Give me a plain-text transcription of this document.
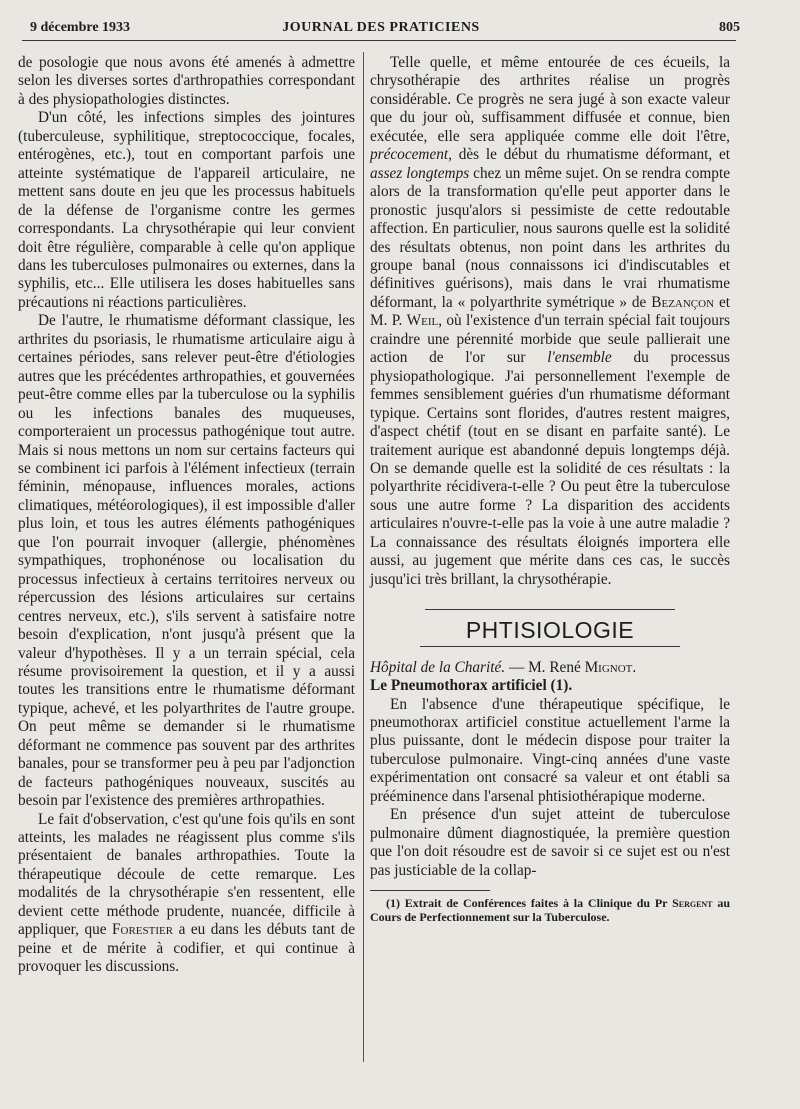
9 décembre 1933	JOURNAL DES PRATICIENS	805

de posologie que nous avons été amenés à admettre selon les diverses sortes d'arthropathies correspondant à des physiopathologies distinctes.

D'un côté, les infections simples des jointures (tuberculeuse, syphilitique, streptococcique, focales, entérogènes, etc.), tout en comportant parfois une atteinte systématique de l'appareil articulaire, ne mettent sans doute en jeu que les processus habituels de la défense de l'organisme contre les germes correspondants. La chrysothérapie qui leur convient doit être régulière, comparable à celle qu'on applique dans les tuberculoses pulmonaires ou externes, dans la syphilis, etc... Elle utilisera les doses habituelles sans précautions ni réactions particulières.

De l'autre, le rhumatisme déformant classique, les arthrites du psoriasis, le rhumatisme articulaire aigu à certaines périodes, sans relever peut-être d'étiologies autres que les précédentes arthropathies, et gouvernées peut-être comme elles par la tuberculose ou la syphilis ou les infections banales des muqueuses, comporteraient un processus pathogénique tout autre. Mais si nous mettons un nom sur certains facteurs qui se combinent ici parfois à l'élément infectieux (terrain féminin, ménopause, influences morales, actions climatiques, météorologiques), il est impossible d'aller plus loin, et tous les autres éléments pathogéniques que l'on pourrait invoquer (allergie, phénomènes sympathiques, trophonénose ou localisation du processus infectieux à certains territoires nerveux ou répercussion des lésions articulaires sur certains centres nerveux, etc.), s'ils servent à satisfaire notre besoin d'explication, n'ont jusqu'à présent que la valeur d'hypothèses. Il y a un terrain spécial, cela résume provisoirement la question, et il y a aussi toutes les transitions entre le rhumatisme déformant typique, achevé, et les polyarthrites de l'autre groupe. On peut même se demander si le rhumatisme déformant ne commence pas souvent par des arthrites banales, pour se transformer peu à peu par l'adjonction de facteurs pathogéniques nouveaux, suscités au besoin par l'existence des premières arthropathies.

Le fait d'observation, c'est qu'une fois qu'ils en sont atteints, les malades ne réagissent plus comme s'ils présentaient de banales arthropathies. Toute la thérapeutique découle de cette remarque. Les modalités de la chrysothérapie s'en ressentent, elle devient cette méthode prudente, nuancée, difficile à appliquer, que Forestier a eu dans les débuts tant de peine et de mérite à codifier, et qui continue à provoquer les discussions.

Telle quelle, et même entourée de ces écueils, la chrysothérapie des arthrites réalise un progrès considérable. Ce progrès ne sera jugé à son exacte valeur que du jour où, suffisamment diffusée et connue, bien exécutée, elle sera appliquée comme elle doit l'être, précocement, dès le début du rhumatisme déformant, et assez longtemps chez un même sujet. On se rendra compte alors de la transformation qu'elle peut apporter dans le pronostic jusqu'alors si pessimiste de cette redoutable affection. En particulier, nous saurons quelle est la solidité des résultats obtenus, non point dans les arthrites du groupe banal (nous connaissons ici d'indiscutables et définitives guérisons), mais dans le vrai rhumatisme déformant, la « polyarthrite symétrique » de Bezançon et M. P. Weil, où l'existence d'un terrain spécial fait toujours craindre une pérennité morbide que seule pallierait une action de l'or sur l'ensemble du processus physiopathologique. J'ai personnellement l'exemple de femmes sensiblement guéries d'un rhumatisme déformant typique. Certains sont florides, d'autres restent maigres, d'aspect chétif (tout en se disant en parfaite santé). Le traitement aurique est abandonné depuis longtemps déjà. On se demande quelle est la solidité de ces résultats : la polyarthrite récidivera-t-elle ? Ou peut être la tuberculose sous une autre forme ? La disparition des accidents articulaires n'ouvre-t-elle pas la voie à une autre maladie ? La connaissance des résultats éloignés importera elle aussi, au jugement que mérite dans ces cas, le succès jusqu'ici très brillant, la chrysothérapie.

PHTISIOLOGIE

Hôpital de la Charité. — M. René Mignot.

Le Pneumothorax artificiel (1).

En l'absence d'une thérapeutique spécifique, le pneumothorax artificiel constitue actuellement l'arme la plus puissante, dont le médecin dispose pour traiter la tuberculose pulmonaire. Vingt-cinq années d'une vaste expérimentation ont consacré sa valeur et ont établi sa prééminence dans l'arsenal phtisiothérapique moderne.

En présence d'un sujet atteint de tuberculose pulmonaire dûment diagnostiquée, la première question que l'on doit résoudre est de savoir si ce sujet est ou n'est pas justiciable de la collap-

(1) Extrait de Conférences faites à la Clinique du Pr Sergent au Cours de Perfectionnement sur la Tuberculose.
